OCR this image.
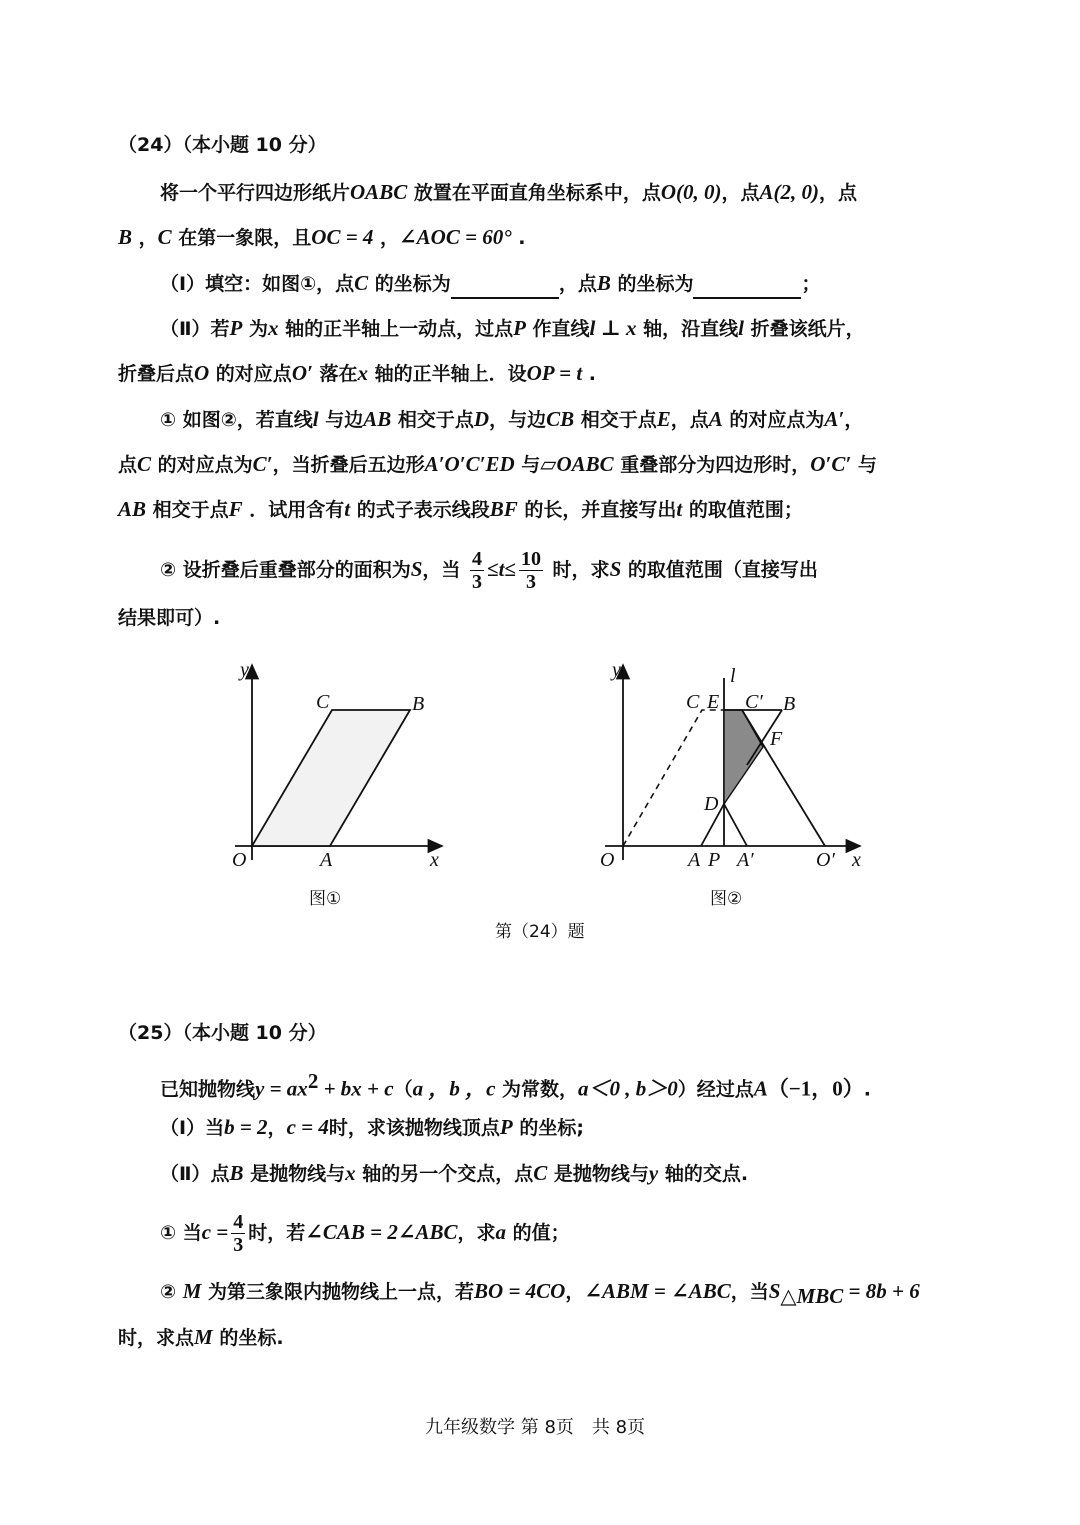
（24）（本小题 10 分）
将一个平行四边形纸片OABC 放置在平面直角坐标系中，点O(0, 0)，点A(2, 0)，点
B ，C 在第一象限，且OC = 4 ，∠AOC = 60° .
（Ⅰ）填空：如图①，点C 的坐标为	，点B 的坐标为	；
（Ⅱ）若P 为x 轴的正半轴上一动点，过点P 作直线l ⊥ x 轴，沿直线l 折叠该纸片，
折叠后点O 的对应点O′ 落在x 轴的正半轴上．设OP = t .
① 如图②，若直线l 与边AB 相交于点D，与边CB 相交于点E，点A 的对应点为A′，
点C 的对应点为C′，当折叠后五边形A′O′C′ED 与▱OABC 重叠部分为四边形时，O′C′ 与
AB 相交于点F ．试用含有t 的式子表示线段BF 的长，并直接写出t 的取值范围；
② 设折叠后重叠部分的面积为S，当 $\frac{4}{3} \le t\le \frac{10}{3}$ 时，求S 的取值范围（直接写出
结果即可）.
y
x
O	A
B
C
图①
y
x
l
O	A P A′	O′
C E C′ B
F
D
图②
第（24）题
（25）（本小题 10 分）
已知抛物线$y = ax^2$ + bx + c（a ，b ，c 为常数，a＜0 , b＞0）经过点A（−1，0）.
（Ⅰ）当b = 2，c = 4时，求该抛物线顶点P 的坐标;
（Ⅱ）点B 是抛物线与x 轴的另一个交点，点C 是抛物线与y 轴的交点.
① 当$c = \frac{4}{3}$ 时，若∠CAB = 2∠ABC，求a 的值；
② M 为第三象限内抛物线上一点，若BO = 4CO，∠ABM = ∠ABC，当$S_{\triangle MBC} = 8b + 6$
时，求点M 的坐标.
九年级数学 第 8页　共 8页
